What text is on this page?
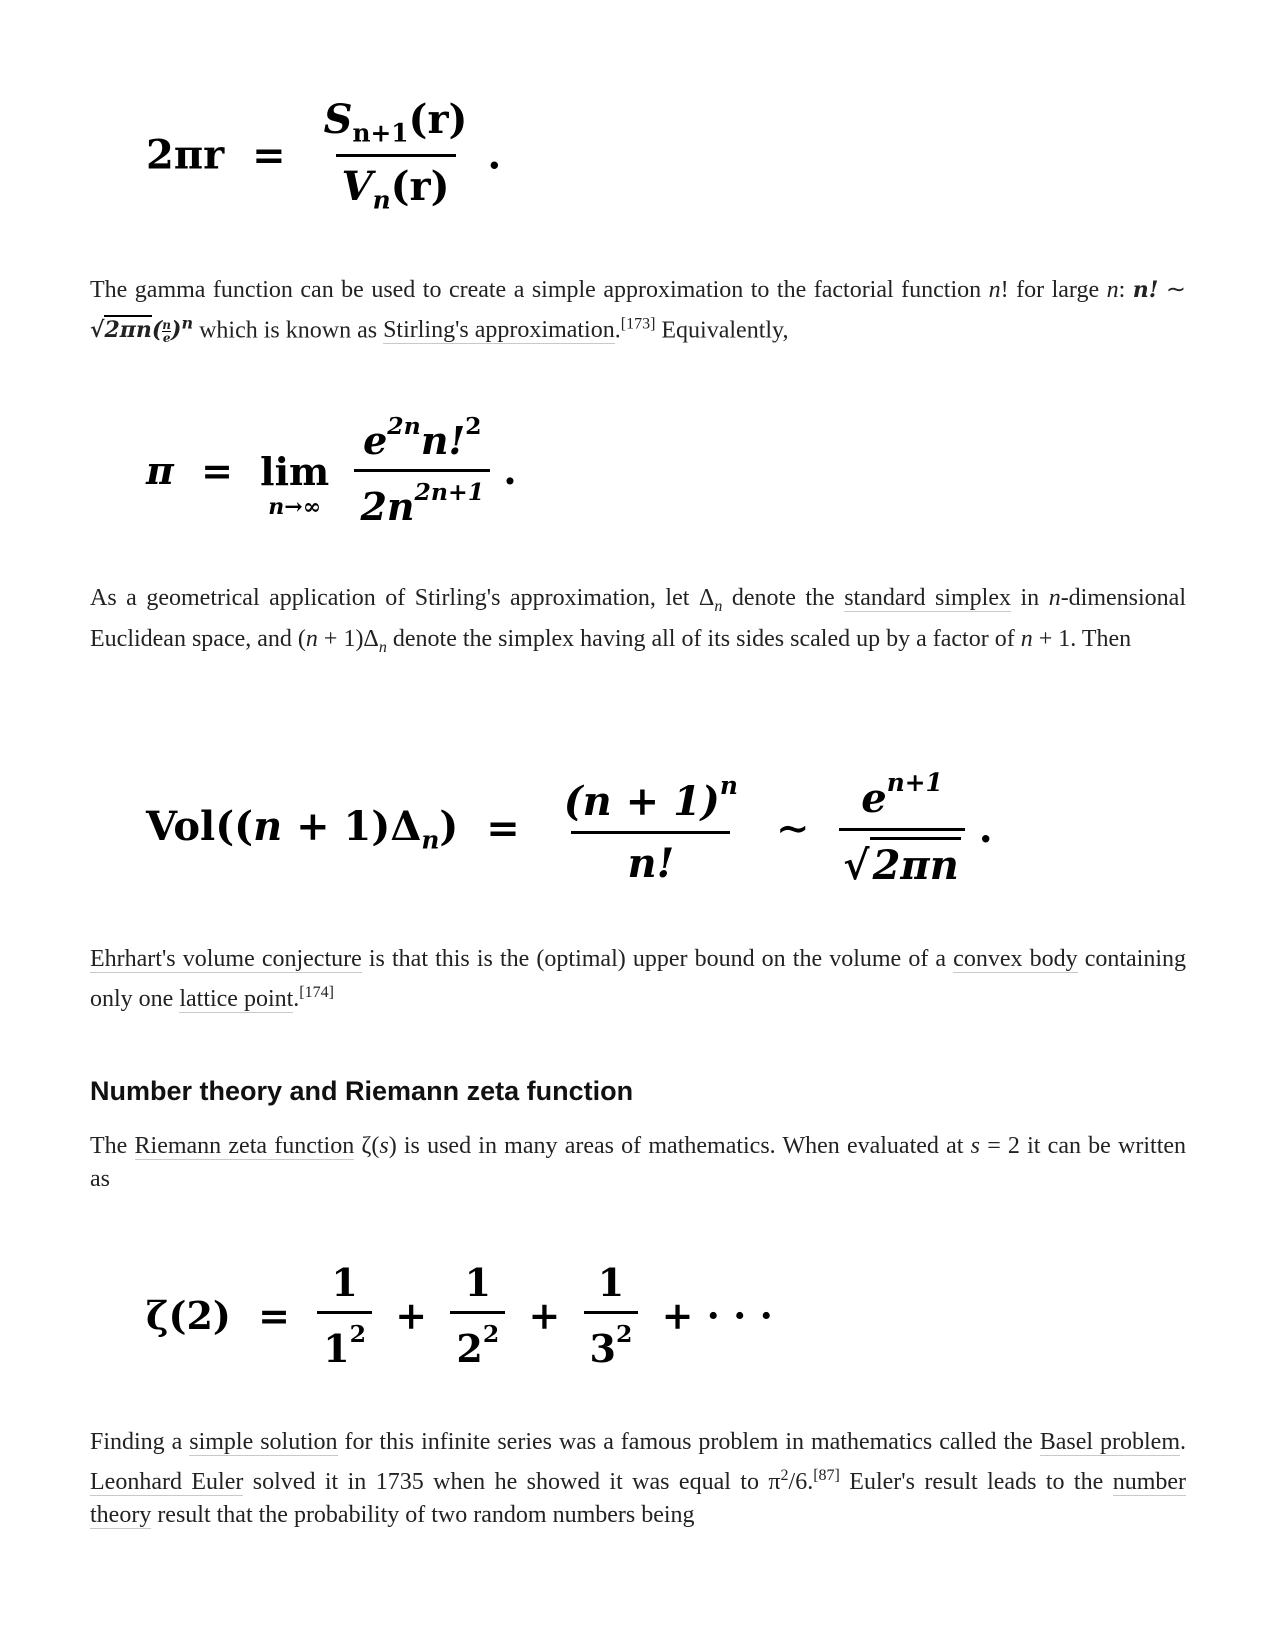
$2\pi r = \frac{S_{n+1}(r)}{V_n(r)}$ .
The gamma function can be used to create a simple approximation to the factorial function n! for large n: n! ∼ $√2\pi n( \frac{n}{e} )^n$ which is known as Stirling's approximation.[173] Equivalently,
π = lim
n→∞
$\frac{e^{2n}n!^2}{2n^{2n+1}}$ .
As a geometrical application of Stirling's approximation, let $\Delta_n$ denote the standard simplex in n-dimensional Euclidean space, and $(n + 1)\Delta_n$ denote the simplex having all of its sides scaled up by a factor of n + 1. Then
$Vol((n + 1)\Delta_n) = \frac{(n + 1)^n}{n!}$ ∼ $\frac{e^{n+1}}{√2\pi n}$ .
Ehrhart's volume conjecture is that this is the (optimal) upper bound on the volume of a convex body containing only one lattice point.[174]
Number theory and Riemann zeta function
The Riemann zeta function ζ(s) is used in many areas of mathematics. When evaluated at s = 2 it can be written as
$\zeta(2) = \frac{1}{1^2} + \frac{1}{2^2} + \frac{1}{3^2}$ + · · ·
Finding a simple solution for this infinite series was a famous problem in mathematics called the Basel problem. Leonhard Euler solved it in 1735 when he showed it was equal to $\pi^2/6.[87]$ Euler's result leads to the number theory result that the probability of two random numbers being
